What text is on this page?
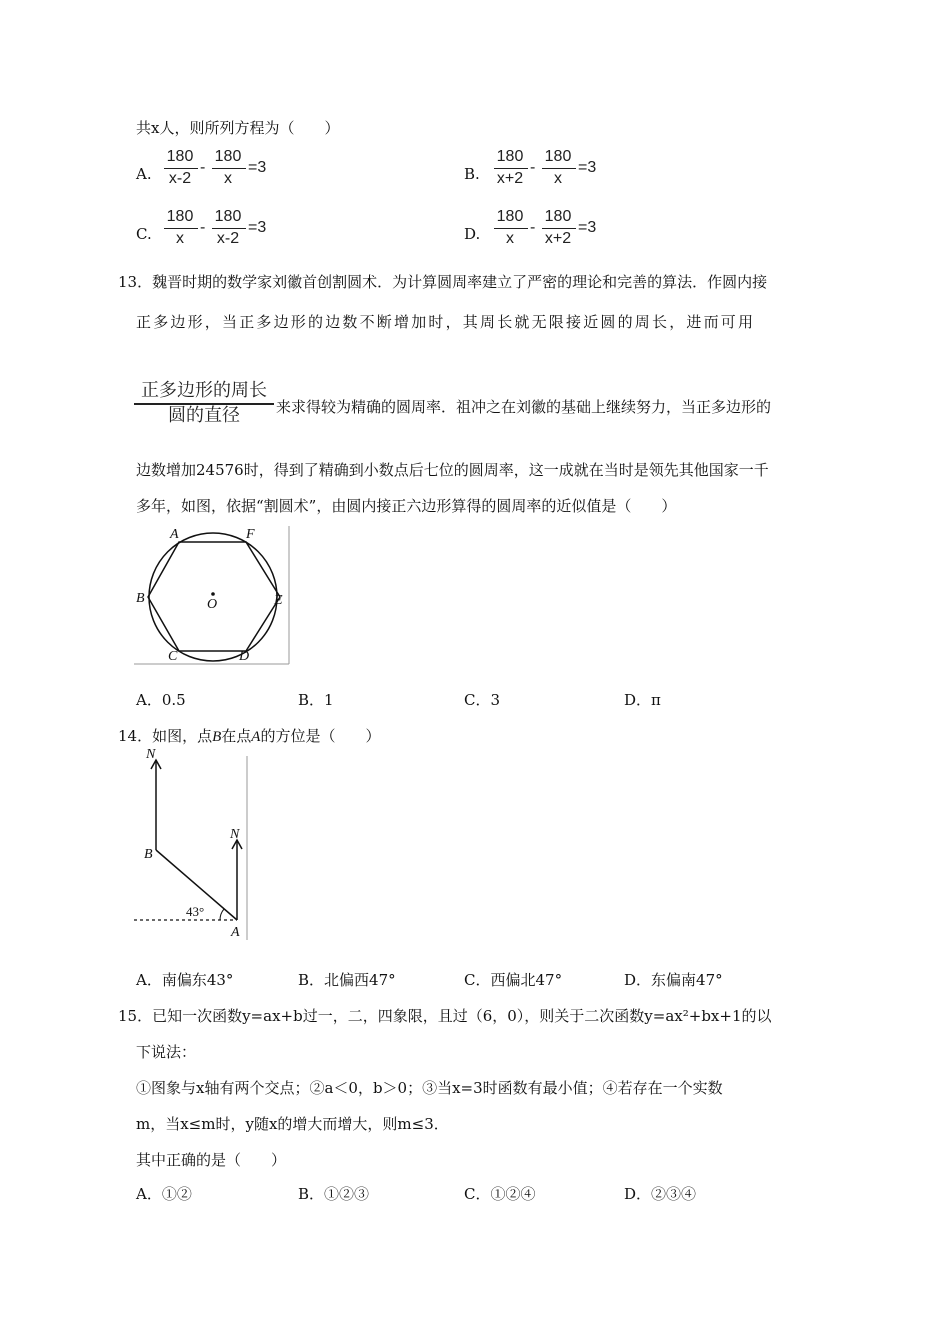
共x人，则所列方程为（　　）
A.
180
x-2
-
180
x
=3	B.
180
x+2
-
180
x
=3
C.
180
x
-
180
x-2
=3	D.
180
x
-
180
x+2
=3
13．魏晋时期的数学家刘徽首创割圆术．为计算圆周率建立了严密的理论和完善的算法．作圆内接
正多边形，当正多边形的边数不断增加时，其周长就无限接近圆的周长，进而可用
正多边形的周长
圆的直径	来求得较为精确的圆周率．祖冲之在刘徽的基础上继续努力，当正多边形的
边数增加24576时，得到了精确到小数点后七位的圆周率，这一成就在当时是领先其他国家一千
多年，如图，依据“割圆术”，由圆内接正六边形算得的圆周率的近似值是（　　）
A	F
B	E
C	D
O
A．0.5	B．1	C．3	D．π
14．如图，点B在点A的方位是（　　）
N
N
B
A
43°
A．南偏东43°	B．北偏西47°	C．西偏北47°	D．东偏南47°
15．已知一次函数y=ax+b过一，二，四象限，且过（6，0），则关于二次函数y=ax²+bx+1的以
下说法：
①图象与x轴有两个交点；②a＜0，b＞0；③当x=3时函数有最小值；④若存在一个实数
m，当x≤m时，y随x的增大而增大，则m≤3．
其中正确的是（　　）
A．①②	B．①②③	C．①②④	D．②③④
